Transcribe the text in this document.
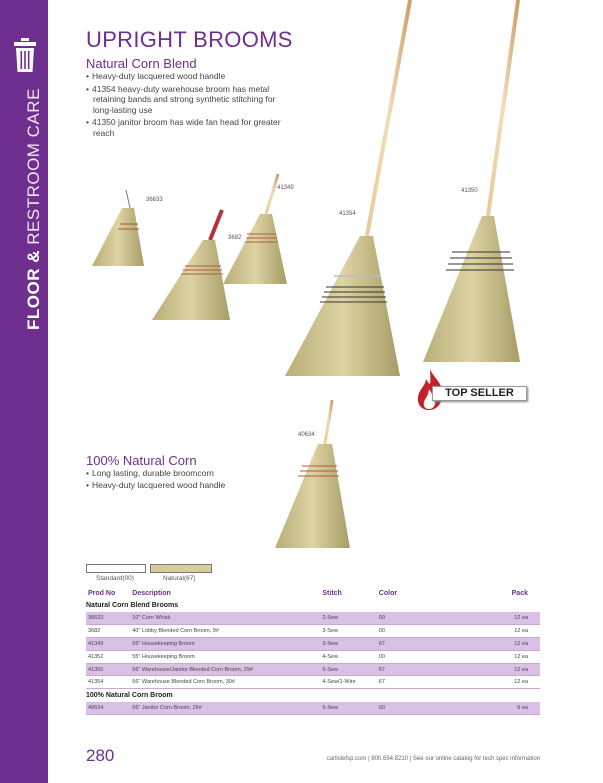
FLOOR & RESTROOM CARE
UPRIGHT BROOMS
Natural Corn Blend
• Heavy-duty lacquered wood handle
• 41354 heavy-duty warehouse broom has metal retaining bands and strong synthetic stitching for long-lasting use
• 41350 janitor broom has wide fan head for greater reach
36633
3682
41349
41354
41350
40634
TOP SELLER
100% Natural Corn
• Long lasting, durable broomcorn
• Heavy-duty lacquered wood handle
Standard(00)	Natural(67)
Prod No	Description	Stitch	Color	Pack
Natural Corn Blend Brooms				
36633	10" Corn Whisk	2-Sew	00	12 ea
3682	40" Lobby Blended Corn Broom, 9#	3-Sew	00	12 ea
41349	55" Housekeeping Broom	3-Sew	67	12 ea
41352	55" Housekeeping Broom	4-Sew	00	12 ea
41350	56" Warehouse/Janitor Blended Corn Broom, 29#	5-Sew	67	12 ea
41354	56" Warehouse Blended Corn Broom, 30#	4-Sew/1-Wire	67	12 ea
100% Natural Corn Broom				
40634	56" Janitor Corn Broom, 26#	5-Sew	00	6 ea
280	carlislefsp.com | 800.654.8210 | See our online catalog for tech spec information
